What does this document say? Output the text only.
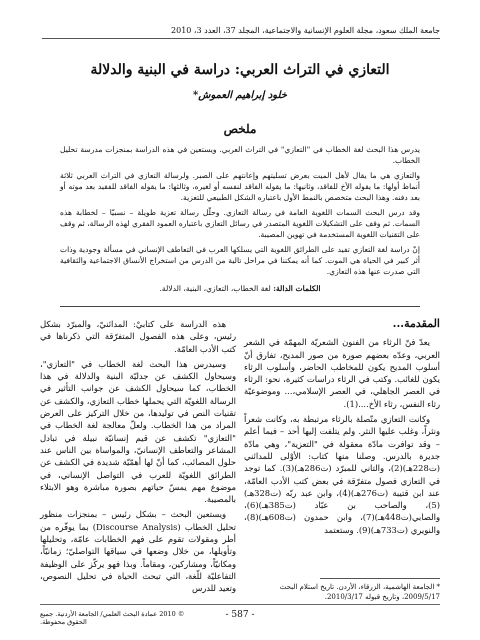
جامعة الملك سعود، مجلة العلوم الإنسانية والاجتماعية، المجلد 37، العدد 3، 2010
التعازي في التراث العربي: دراسة في البنية والدلالة
خلود إبراهيم العموش*
ملخص

يدرس هذا البحث لغة الخطاب في "التعازي" في التراث العربي. ويستعين في هذه الدراسة بمنجزات مدرسة تحليل الخطاب.

والتعازي هي ما يقال لأهل الميت بعرض تسليتهم وإعانتهم على الصبر. ولرسالة التعازي في التراث العربي ثلاثة أنماط أولها: ما يقوله الأخ للفاقد، وثانيها: ما يقوله الفاقد لنفسه أو لغيره، وثالثها: ما يقوله الفاقد للفقيد بعد موته أو بعد دفنه. وهذا البحث متخصص بالنمط الأول باعتباره الشكل الطبيعي للتعزية.

وقد درس البحث السمات اللغوية العامة في رسالة التعازي. وحلّل رسالة تعزية طويلة – نسبيّا – لخطابة هذه السمات. ثم وقف على التشكيلات اللغوية المتصدر في رسائل التعازي باعتباره العمود الفقري لهذه الرسالة، ثم وقف على التقنيات اللغوية المستخدمة في تهوين المصيبة.

إنّ دراسة لغة التعازي تفيد على الطرائق اللغوية التي يسلكها العرب في التعاطف الإنساني في مسألة وجودية وذات أثر كبير في الحياة هي الموت. كما أنه يمكننا في مراحل تالية من الدرس من استخراج الأنساق الاجتماعية والثقافية التي صدرت عنها هذه التعازي.

الكلمات الدالة: لغة الخطاب، التعازي، البنية، الدلالة.
المقدمة...

يعدّ فنّ الرثاء من الفنون الشعريّة المهمّة في الشعر العربي، وعدّه بعضهم صورة من صور المديح، تفارق أنّ أسلوب المديح يكون للمخاطب الحاضر، وأسلوب الرثاء يكون للغائب. وكتب في الرثاء دراسات كثيرة، نحو: الرثاء في العصر الجاهلي، في العصر الإسلامي،... وموضوعيّة رثاء النفس، رثاء الأخ....(1).

وكانت التعازي متّصلة بالرثاء مرتبطة به، وكانت شعراً ونثراً، وغلب عليها النثر. ولم يتلفت إليها أحد – فيما أعلم – وقد توافرت مادّة معقولة في "التعزية"، وهي مادّة جديرة بالدرس. وصلنا منها كتاب: الأوْلى للمدائني (ت228هـ)(2)، والتاني للمبرّد (ت286هـ)(3). كما توجد في التعازي فصول متفرّقة في بعض كتب الأدب العامّة، عند ابن قتيبة (ت276هـ)(4)، وابن عبد ربّه (ت328هـ)(5)، والصاحب بن عبّاد (ت385هـ)(6)، والصابي(ت448هـ)(7)، وابن حمدون (ت608هـ)(8)، والنويري (ت733هـ)(9). وستعتمد

هذه الدراسة على كتابيْ: المدائنيّ، والمبرّد بشكل رئيس، وعلى هذه الفصول المتفرّقة التي ذكرناها في كتب الأدب العامّة.

وسيدرس هذا البحث لغة الخطاب في "التعازي"، وسيحاول الكشف عن جدليّة البنية والدلالة في هذا الخطاب، كما سيحاول الكشف عن جوانب التأثير في الرسالة اللغويّة التي يحملها خطاب التعازي، والكشف عن تقنيات النص في توليدها، من خلال التركيز على العرض المراد من هذا الخطاب. ولعلّ معالجة لغة الخطاب في "التعازي" تكشف عن قيم إنسانيّة نبيلة في تبادل المشاعر والتعاطف الإنسانيّ، والمواساة بين الناس عند حلول المصائب، كما أنّ لها أهمّيّة شديدة في الكشف عن الطرائق اللغويّة للعرب في التواصل الإنساني، في موضوع مهم يمسّ حياتهم بصورة مباشرة وهو الابتلاء بالمصيبة.

ويستعين البحث – بشكل رئيس – بمنجزات منظور تحليل الخطاب (Discourse Analysis) بما يوفّره من أطر ومقولات تقوم على فهم الخطابات عامّة، وتحليلها وتأويلها، من خلال وضعها في سياقها التواصليّ؛ زمانيّاً، ومكانيّاً، ومشاركين، ومقاماً. وبذا فهو يركّز على الوظيفة التفاعليّة للّغة، التي تبحث الحياة في تحليل النصوص، وتعيد للدرس	* الجامعة الهاشمية، الزرقاء، الأردن. تاريخ استلام البحث 2009/5/17، وتاريخ قبوله 2010/3/17.
- 587 -
© 2010 عمادة البحث العلمي/ الجامعة الأردنية. جميع الحقوق محفوظة.
